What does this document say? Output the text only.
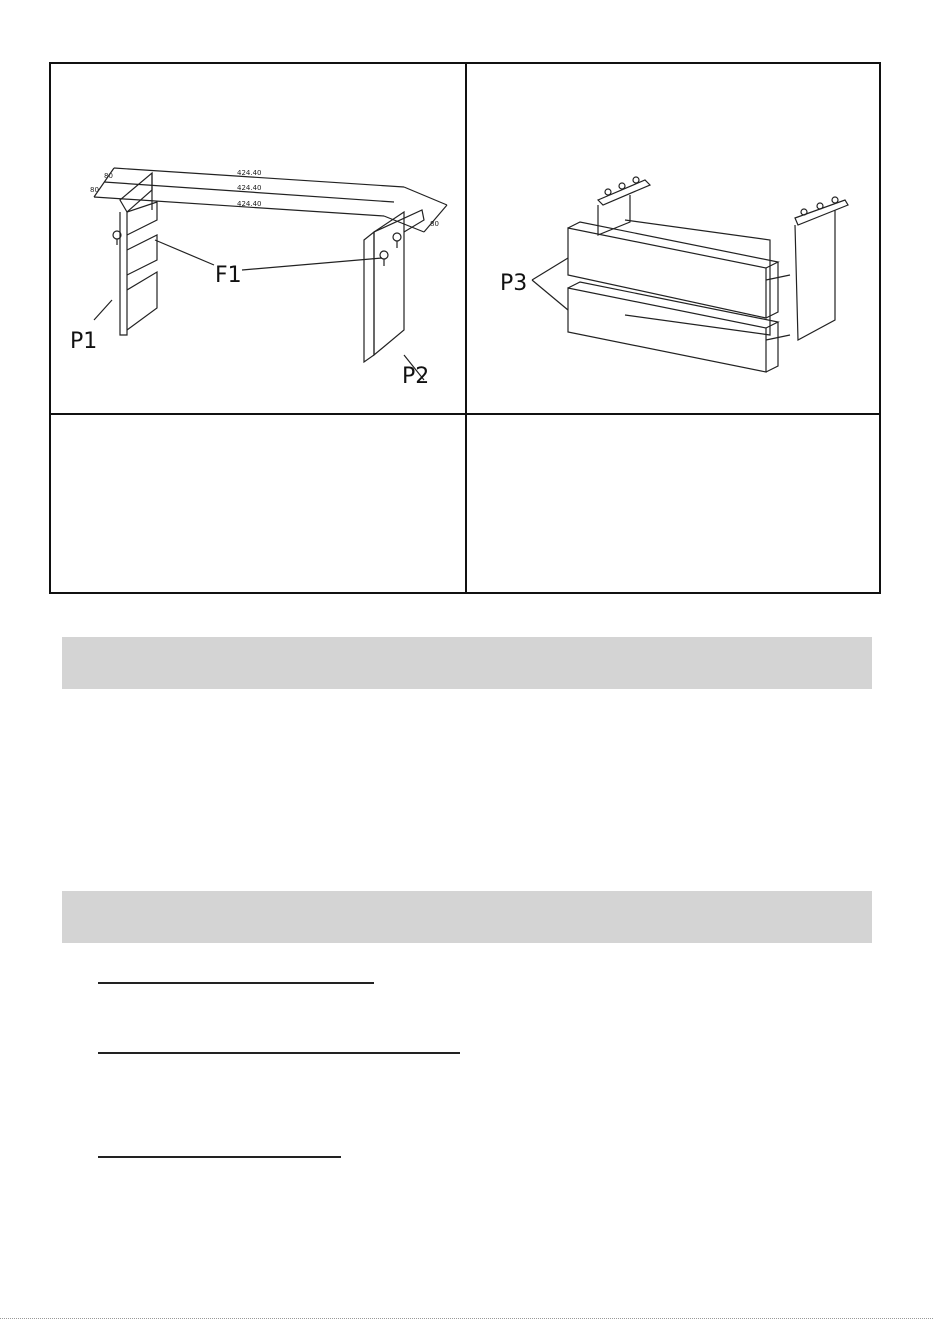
424.40
424.40
424.40
80
80
80
F1
P1
P2
P3
